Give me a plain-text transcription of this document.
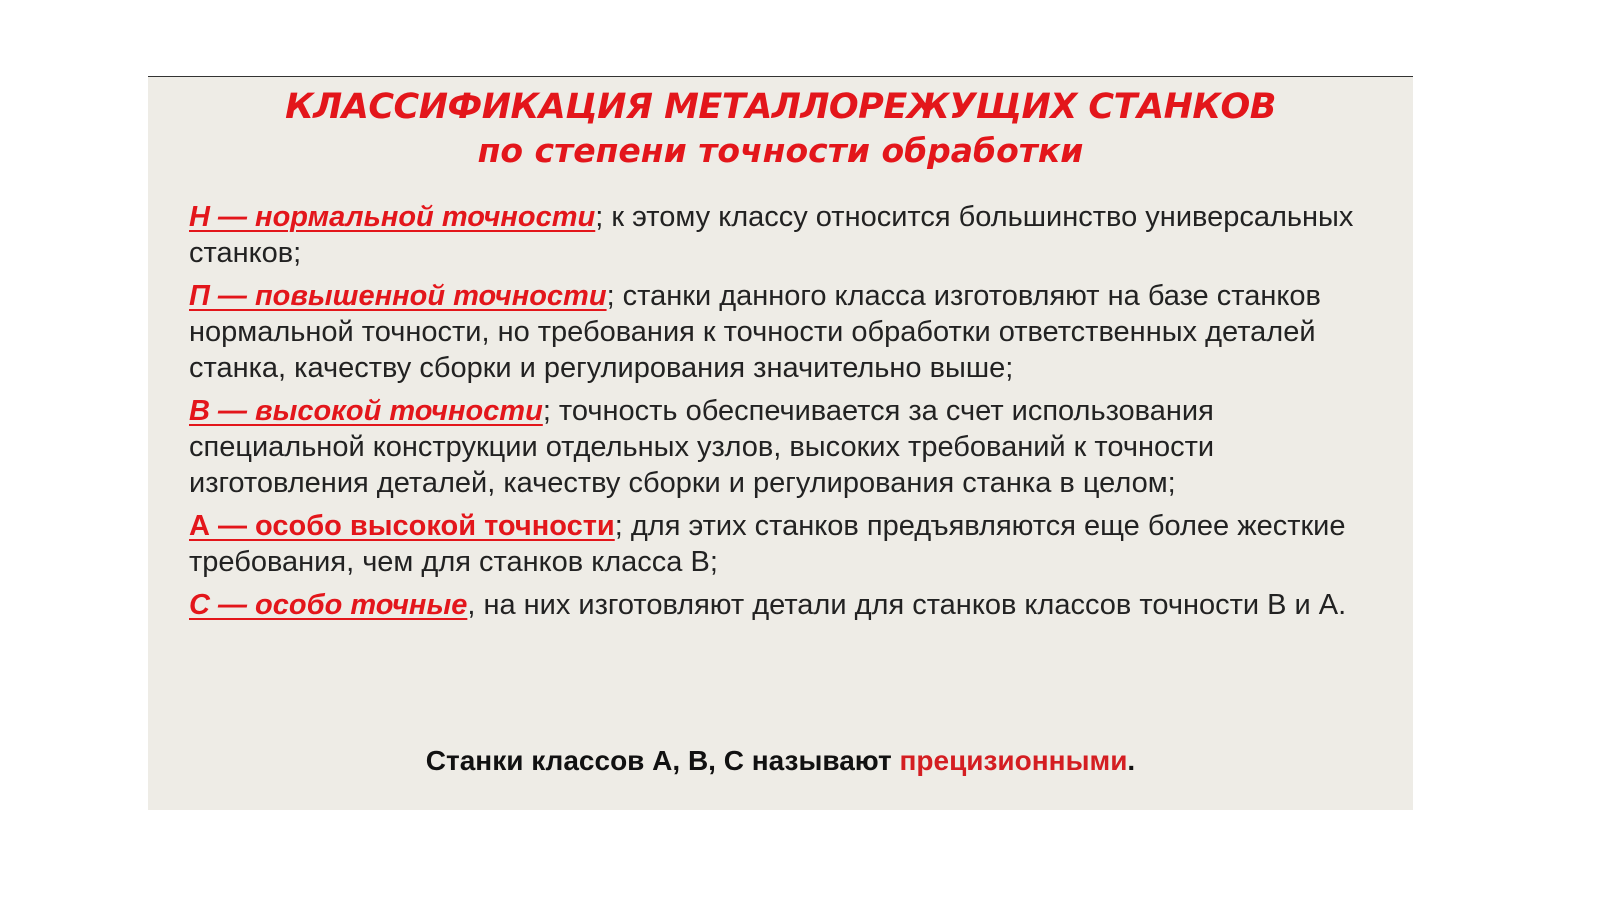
КЛАССИФИКАЦИЯ МЕТАЛЛОРЕЖУЩИХ СТАНКОВ
по степени точности обработки
Н — нормальной точности; к этому классу относится большинство универсальных станков;
П — повышенной точности; станки данного класса изготовляют на базе станков нормальной точности, но требования к точности обработки ответственных деталей станка, качеству сборки и регулирования значительно выше;
В — высокой точности; точность обеспечивается за счет использования специальной конструкции отдельных узлов, высоких требований к точности изготовления деталей, качеству сборки и регулирования станка в целом;
А — особо высокой точности; для этих станков предъявляются еще более жесткие требования, чем для станков класса В;
С — особо точные, на них изготовляют детали для станков классов точности В и А.
Станки классов А, В, С называют прецизионными.
